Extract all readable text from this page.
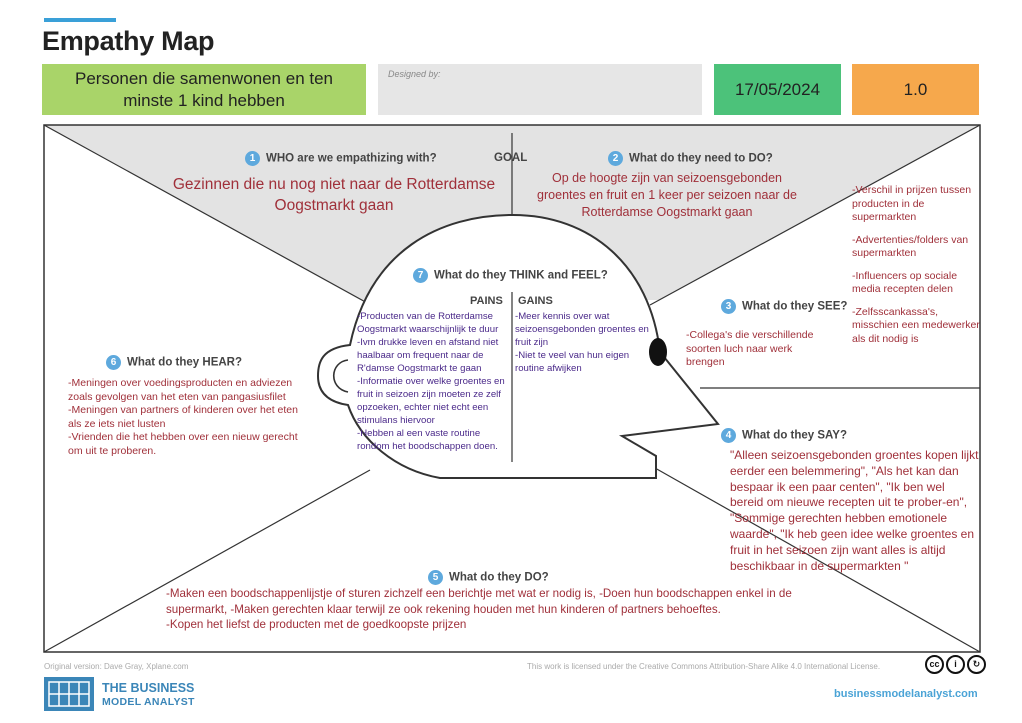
Empathy Map
Personen die samenwonen en ten minste 1 kind hebben
Designed by:
17/05/2024	1.0
1 WHO are we empathizing with?
Gezinnen die nu nog niet naar de Rotterdamse Oogstmarkt gaan
GOAL	2 What do they need to DO?
Op de hoogte zijn van seizoensgebonden groentes en fruit en 1 keer per seizoen naar de Rotterdamse Oogstmarkt gaan
-Verschil in prijzen tussen producten in de supermarkten
-Advertenties/folders van supermarkten
-Influencers op sociale media recepten delen
-Zelfsscankassa's, misschien een medewerker als dit nodig is
3 What do they SEE?
-Collega's die verschillende soorten luch naar werk brengen
7 What do they THINK and FEEL?
PAINS GAINS
-Producten van de Rotterdamse Oogstmarkt waarschijnlijk te duur
-Ivm drukke leven en afstand niet haalbaar om frequent naar de R'damse Oogstmarkt te gaan
-Informatie over welke groentes en fruit in seizoen zijn moeten ze zelf opzoeken, echter niet echt een stimulans hiervoor
-Hebben al een vaste routine rondom het boodschappen doen.
-Meer kennis over wat seizoensgebonden groentes en fruit zijn
-Niet te veel van hun eigen routine afwijken
6 What do they HEAR?
-Meningen over voedingsproducten en adviezen zoals gevolgen van het eten van pangasiusfilet
-Meningen van partners of kinderen over het eten als ze iets niet lusten
-Vrienden die het hebben over een nieuw gerecht om uit te proberen.
4 What do they SAY?
"Alleen seizoensgebonden groentes kopen lijkt eerder een belemmering", "Als het kan dan bespaar ik een paar centen", "Ik ben wel bereid om nieuwe recepten uit te prober-en", "Sommige gerechten hebben emotionele waarde", "Ik heb geen idee welke groentes en fruit in het seizoen zijn want alles is altijd beschikbaar in de supermarkten "
5 What do they DO?
-Maken een boodschappenlijstje of sturen zichzelf een berichtje met wat er nodig is, -Doen hun boodschappen enkel in de
supermarkt, -Maken gerechten klaar terwijl ze ook rekening houden met hun kinderen of partners behoeftes.
-Kopen het liefst de producten met de goedkoopste prijzen
Original version: Dave Gray, Xplane.com	This work is licensed under the Creative Commons Attribution-Share Alike 4.0 International License.	cc	i	↻
THE BUSINESS
MODEL ANALYST
businessmodelanalyst.com
